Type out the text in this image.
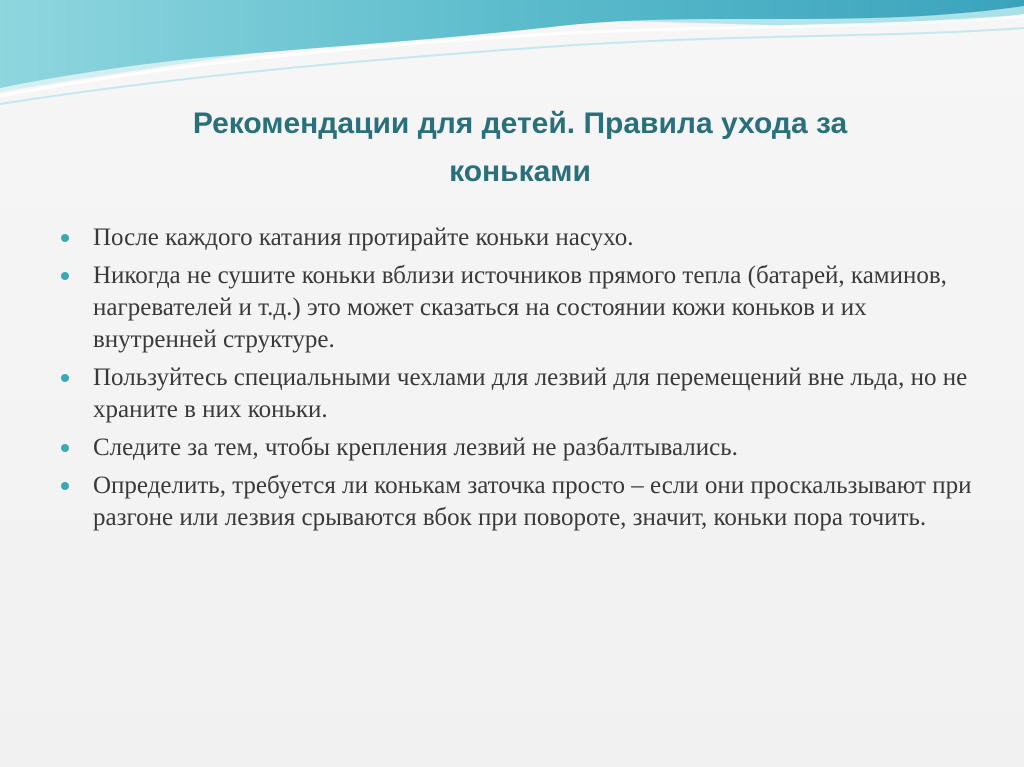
Рекомендации для детей. Правила ухода за коньками
После каждого катания протирайте коньки насухо.
Никогда не сушите коньки вблизи источников прямого тепла (батарей, каминов, нагревателей и т.д.) это может сказаться на состоянии кожи коньков и их внутренней структуре.
Пользуйтесь специальными чехлами для лезвий для перемещений вне льда, но не храните в них коньки.
Следите за тем, чтобы крепления лезвий не разбалтывались.
Определить, требуется ли конькам заточка просто – если они проскальзывают при разгоне или лезвия срываются вбок при повороте, значит, коньки пора точить.
